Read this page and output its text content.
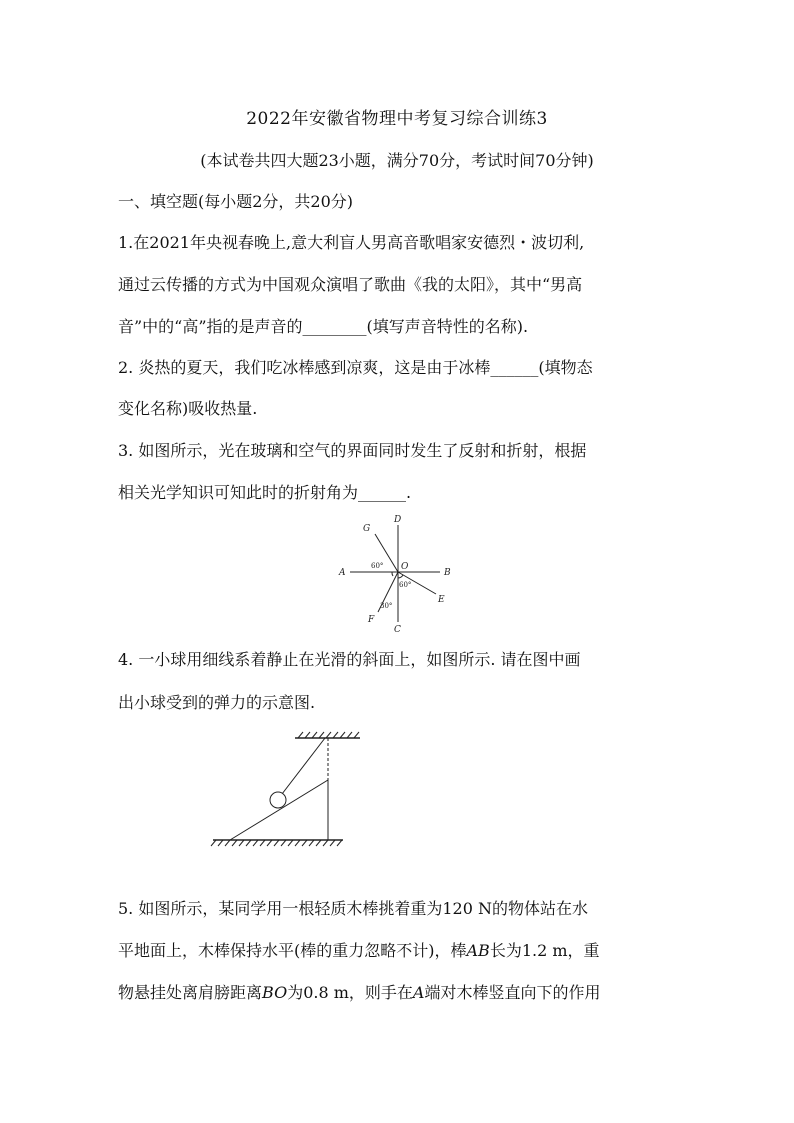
2022年安徽省物理中考复习综合训练3
(本试卷共四大题23小题，满分70分，考试时间70分钟)
一、填空题(每小题2分，共20分)
1.在2021年央视春晚上,意大利盲人男高音歌唱家安德烈・波切利,
通过云传播的方式为中国观众演唱了歌曲《我的太阳》，其中“男高
音”中的“高”指的是声音的________(填写声音特性的名称).
2. 炎热的夏天，我们吃冰棒感到凉爽，这是由于冰棒______(填物态
变化名称)吸收热量.
3. 如图所示，光在玻璃和空气的界面同时发生了反射和折射，根据
相关光学知识可知此时的折射角为______.
A	B
C
D
E
F
G
O
60°
60°
30°
4. 一小球用细线系着静止在光滑的斜面上，如图所示. 请在图中画
出小球受到的弹力的示意图.
5. 如图所示，某同学用一根轻质木棒挑着重为120 N的物体站在水
平地面上，木棒保持水平(棒的重力忽略不计)，棒AB长为1.2 m，重
物悬挂处离肩膀距离BO为0.8 m，则手在A端对木棒竖直向下的作用
